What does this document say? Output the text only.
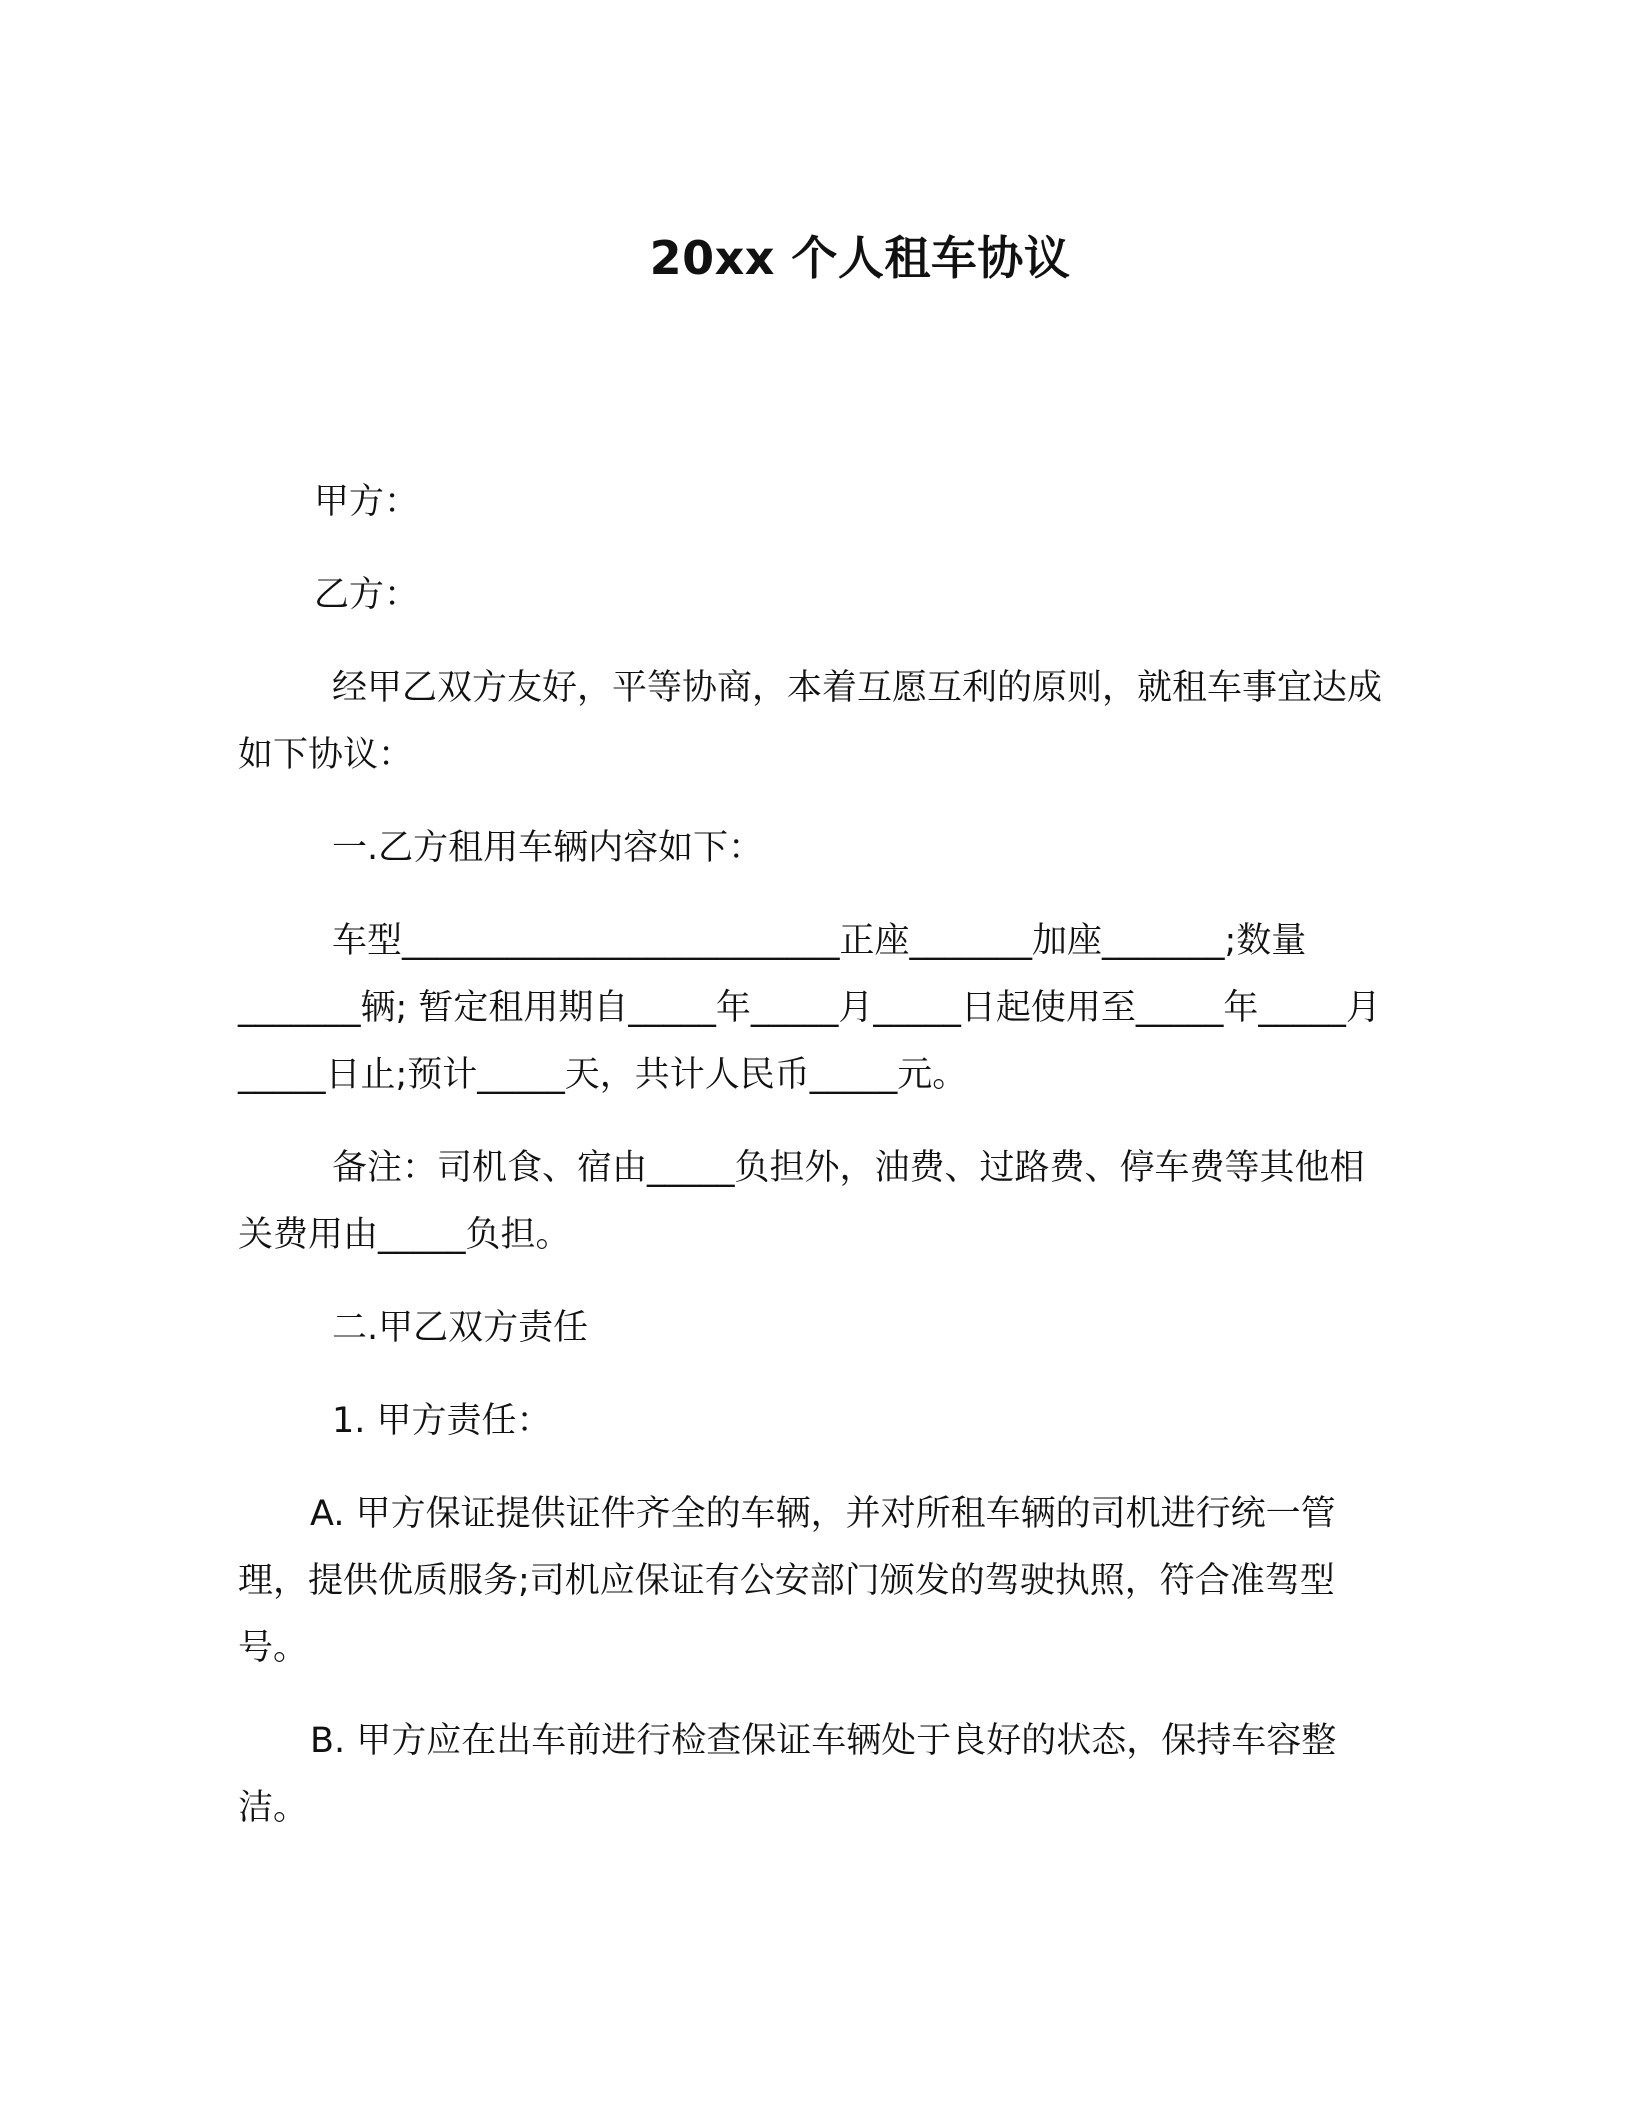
20xx 个人租车协议

甲方：

乙方：

经甲乙双方友好，平等协商，本着互愿互利的原则，就租车事宜达成如下协议：

一.乙方租用车辆内容如下：

车型_________________________正座_______加座_______;数量 _______辆; 暂定租用期自_____年_____月_____日起使用至_____年_____月_____日止;预计_____天，共计人民币_____元。

备注：司机食、宿由_____负担外，油费、过路费、停车费等其他相关费用由_____负担。

二.甲乙双方责任

1. 甲方责任：

A. 甲方保证提供证件齐全的车辆，并对所租车辆的司机进行统一管理，提供优质服务;司机应保证有公安部门颁发的驾驶执照，符合准驾型号。

B. 甲方应在出车前进行检查保证车辆处于良好的状态，保持车容整洁。
